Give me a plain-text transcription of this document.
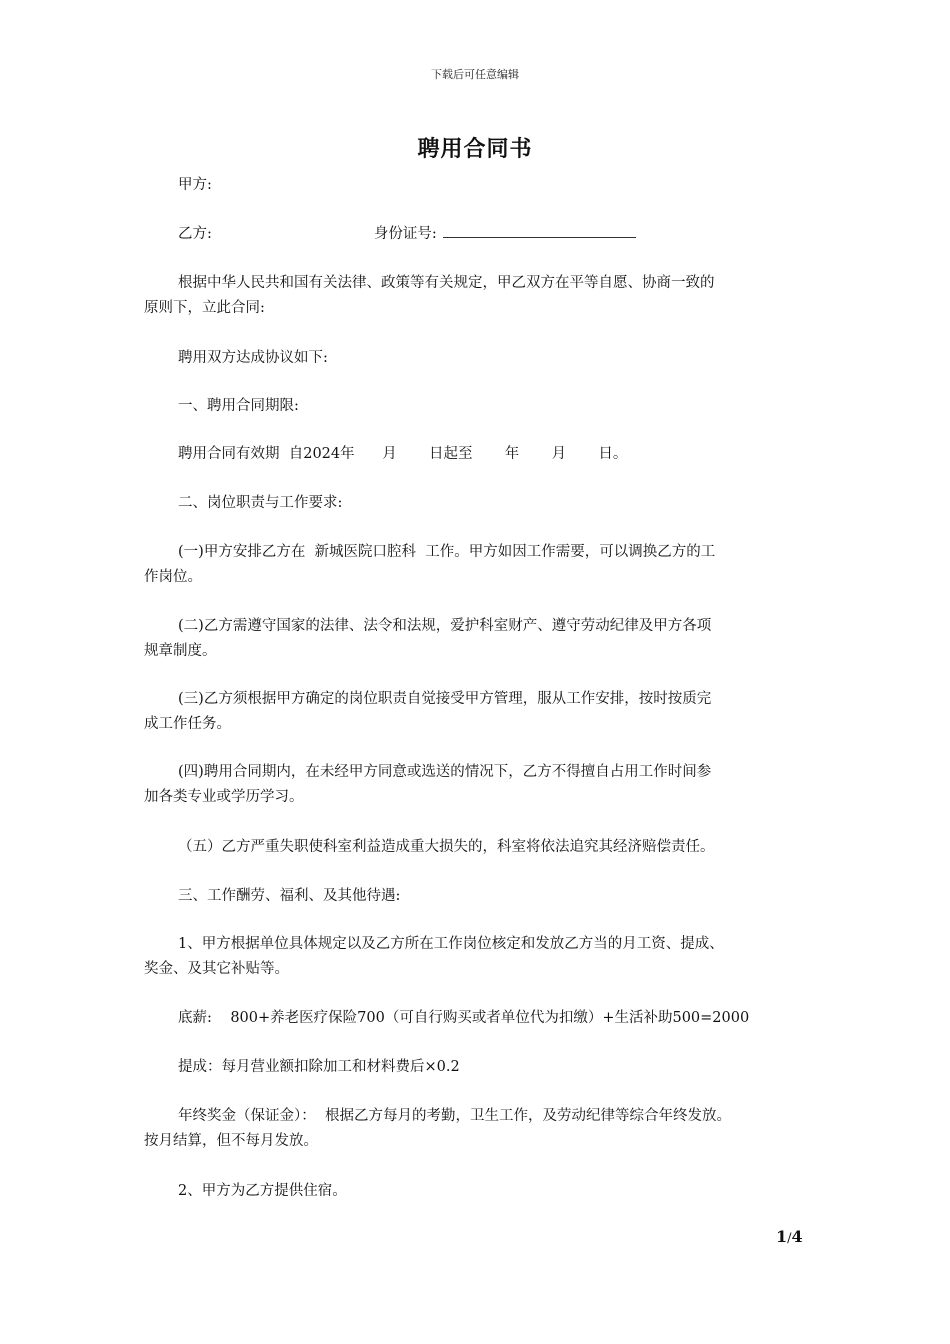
下载后可任意编辑
聘用合同书
甲方:
乙方:	身份证号:
根据中华人民共和国有关法律、政策等有关规定，甲乙双方在平等自愿、协商一致的
原则下，立此合同:
聘用双方达成协议如下:
一、聘用合同期限:
聘用合同有效期  自2024年      月       日起至       年       月       日。
二、岗位职责与工作要求:
(一)甲方安排乙方在  新城医院口腔科  工作。甲方如因工作需要，可以调换乙方的工
作岗位。
(二)乙方需遵守国家的法律、法令和法规，爱护科室财产、遵守劳动纪律及甲方各项
规章制度。
(三)乙方须根据甲方确定的岗位职责自觉接受甲方管理，服从工作安排，按时按质完
成工作任务。
(四)聘用合同期内，在未经甲方同意或选送的情况下，乙方不得擅自占用工作时间参
加各类专业或学历学习。
（五）乙方严重失职使科室利益造成重大损失的，科室将依法追究其经济赔偿责任。
三、工作酬劳、福利、及其他待遇:
1、甲方根据单位具体规定以及乙方所在工作岗位核定和发放乙方当的月工资、提成、
奖金、及其它补贴等。
底薪:    800+养老医疗保险700（可自行购买或者单位代为扣缴）+生活补助500=2000
提成：每月营业额扣除加工和材料费后×0.2
年终奖金（保证金）：  根据乙方每月的考勤，卫生工作，及劳动纪律等综合年终发放。
按月结算，但不每月发放。
2、甲方为乙方提供住宿。
1/4
